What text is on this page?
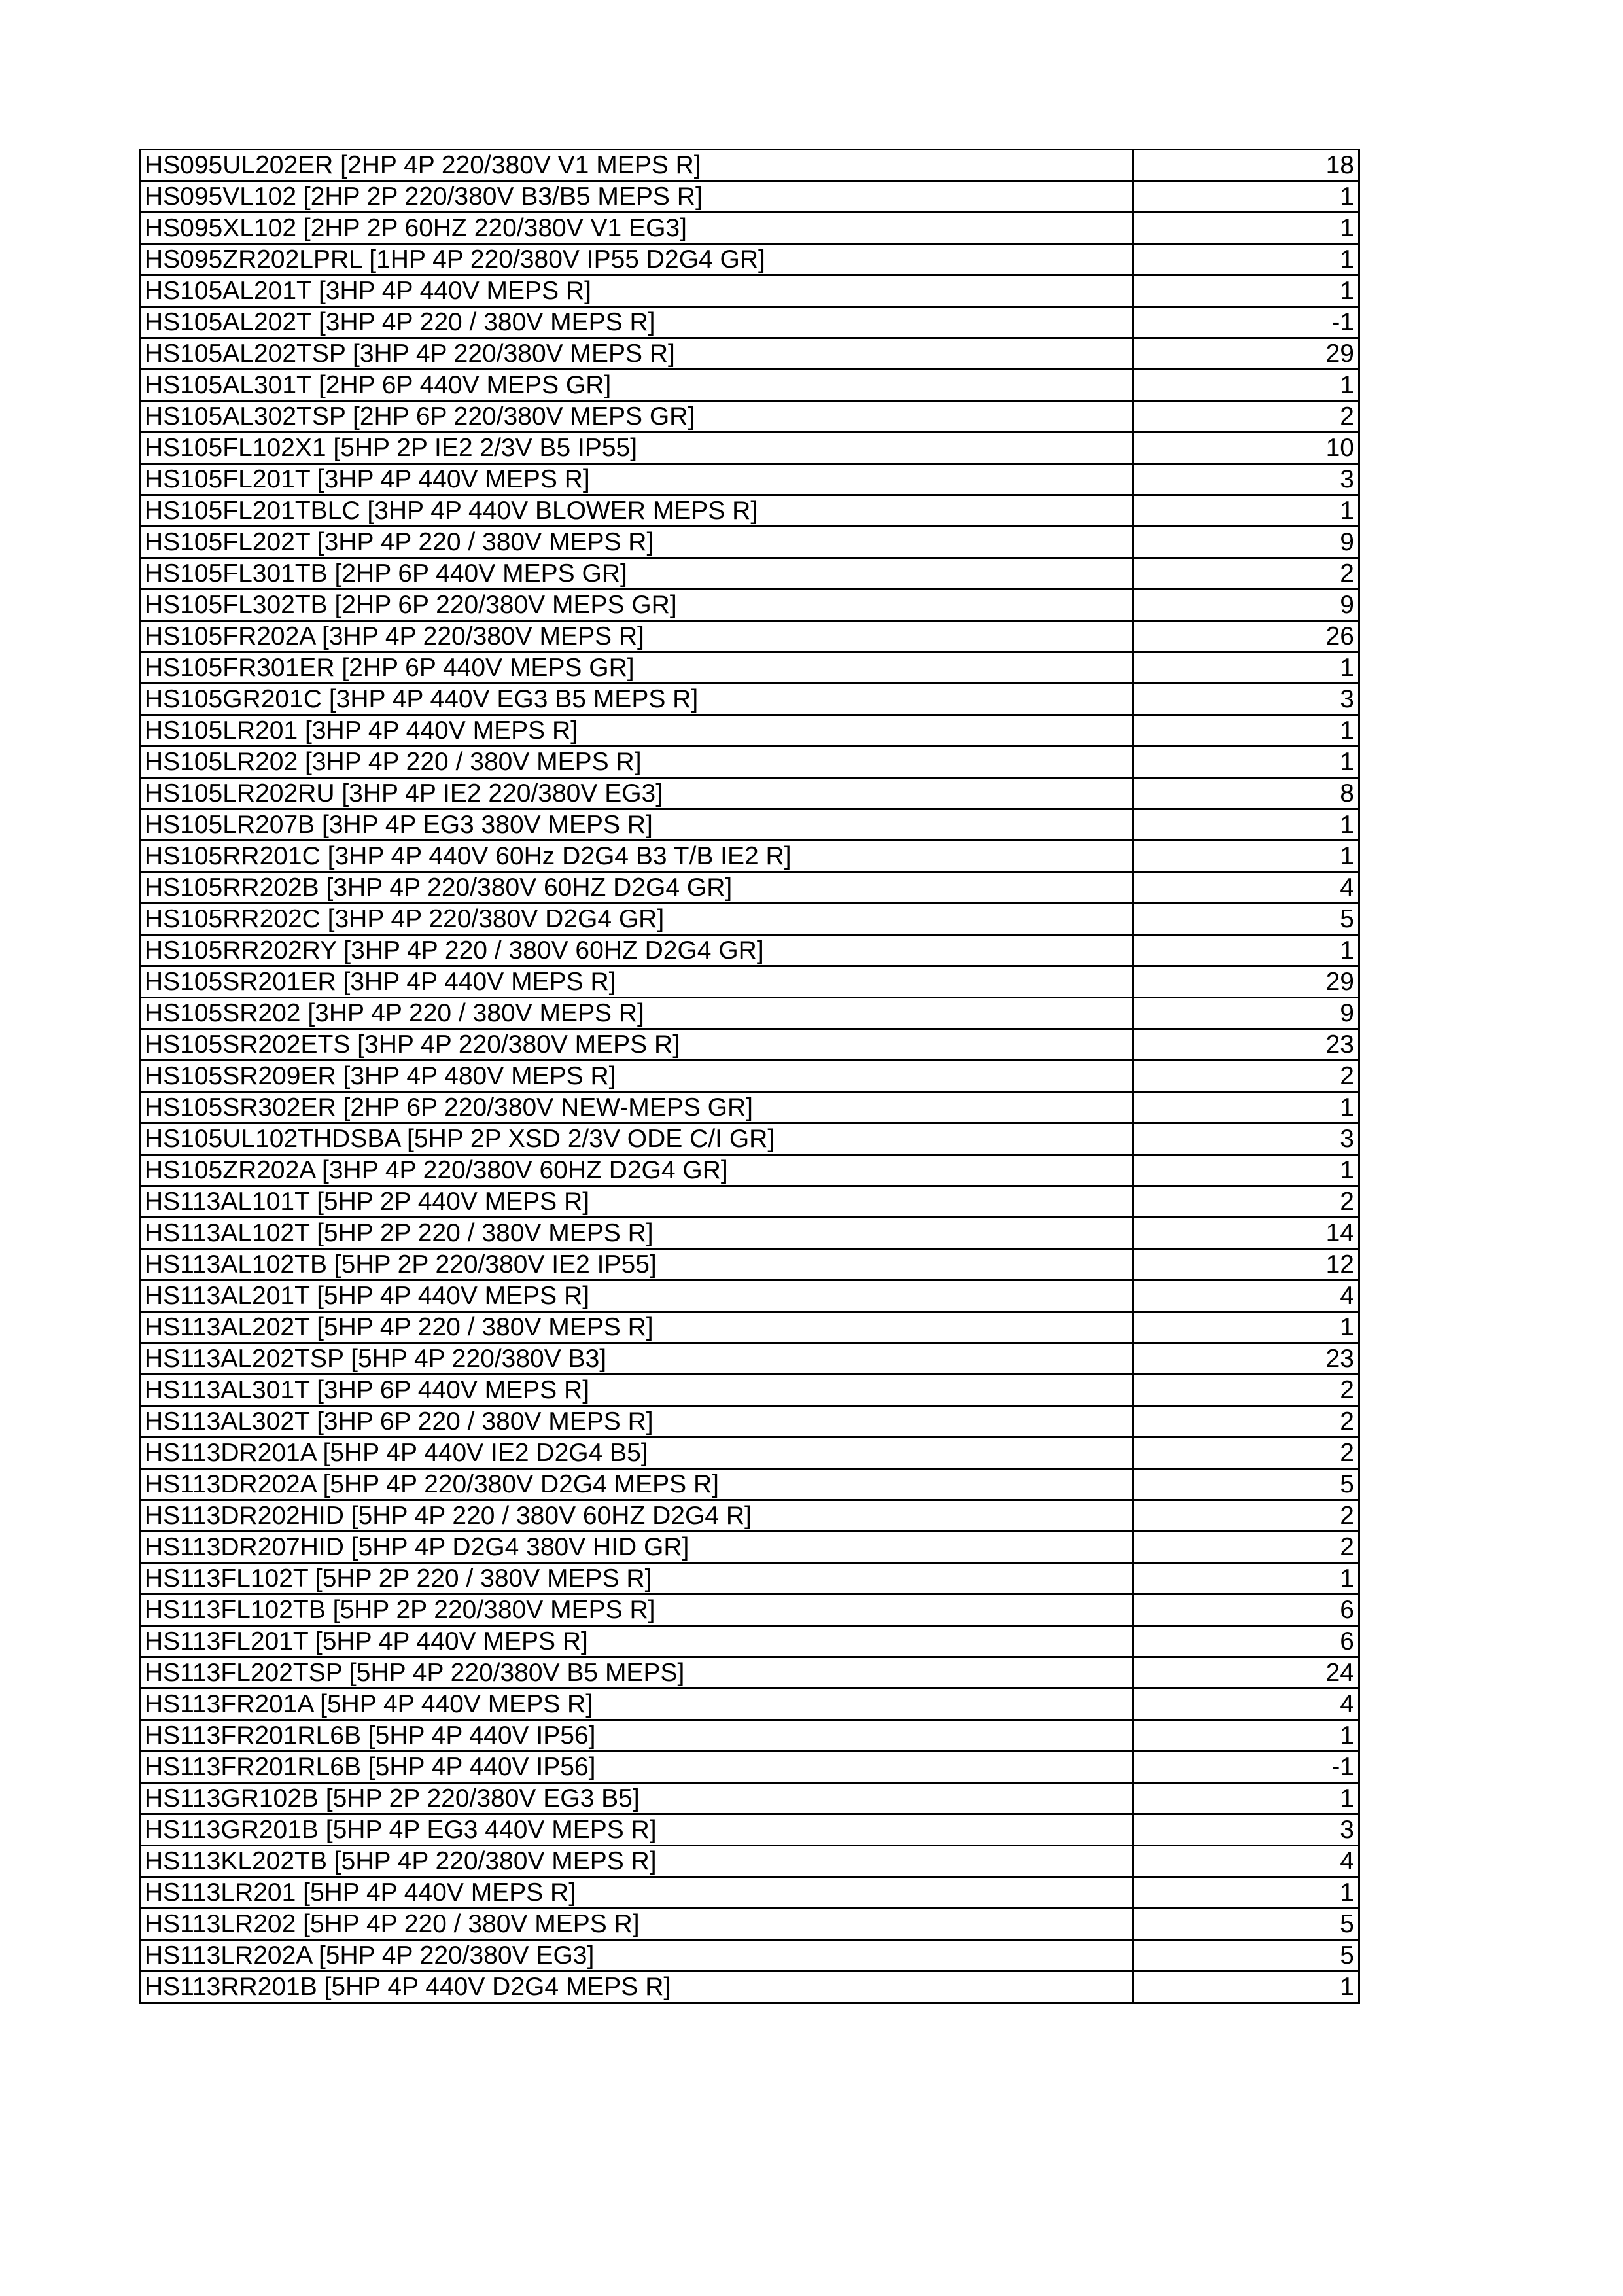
HS095UL202ER [2HP 4P 220/380V V1 MEPS R]	18
HS095VL102 [2HP 2P 220/380V B3/B5 MEPS R]	1
HS095XL102 [2HP 2P 60HZ 220/380V V1 EG3]	1
HS095ZR202LPRL [1HP 4P 220/380V IP55 D2G4 GR]	1
HS105AL201T [3HP 4P 440V MEPS R]	1
HS105AL202T [3HP 4P 220 / 380V MEPS R]	-1
HS105AL202TSP [3HP 4P 220/380V MEPS R]	29
HS105AL301T [2HP 6P 440V MEPS GR]	1
HS105AL302TSP [2HP 6P 220/380V MEPS GR]	2
HS105FL102X1 [5HP 2P IE2 2/3V B5 IP55]	10
HS105FL201T [3HP 4P 440V MEPS R]	3
HS105FL201TBLC [3HP 4P 440V BLOWER MEPS R]	1
HS105FL202T [3HP 4P 220 / 380V MEPS R]	9
HS105FL301TB [2HP 6P 440V MEPS GR]	2
HS105FL302TB [2HP 6P 220/380V MEPS GR]	9
HS105FR202A [3HP 4P 220/380V MEPS R]	26
HS105FR301ER [2HP 6P 440V MEPS GR]	1
HS105GR201C [3HP 4P 440V EG3 B5 MEPS R]	3
HS105LR201 [3HP 4P 440V MEPS R]	1
HS105LR202 [3HP 4P 220 / 380V MEPS R]	1
HS105LR202RU [3HP 4P IE2 220/380V EG3]	8
HS105LR207B [3HP 4P EG3 380V MEPS R]	1
HS105RR201C [3HP 4P 440V 60Hz D2G4 B3 T/B IE2 R]	1
HS105RR202B [3HP 4P 220/380V 60HZ D2G4 GR]	4
HS105RR202C [3HP 4P 220/380V D2G4 GR]	5
HS105RR202RY [3HP 4P 220 / 380V 60HZ D2G4 GR]	1
HS105SR201ER [3HP 4P 440V MEPS R]	29
HS105SR202 [3HP 4P 220 / 380V MEPS R]	9
HS105SR202ETS [3HP 4P 220/380V MEPS R]	23
HS105SR209ER [3HP 4P 480V MEPS R]	2
HS105SR302ER [2HP 6P 220/380V NEW-MEPS GR]	1
HS105UL102THDSBA [5HP 2P XSD 2/3V ODE C/I GR]	3
HS105ZR202A [3HP 4P 220/380V 60HZ D2G4 GR]	1
HS113AL101T [5HP 2P 440V MEPS R]	2
HS113AL102T [5HP 2P 220 / 380V MEPS R]	14
HS113AL102TB [5HP 2P 220/380V IE2 IP55]	12
HS113AL201T [5HP 4P 440V MEPS R]	4
HS113AL202T [5HP 4P 220 / 380V MEPS R]	1
HS113AL202TSP [5HP 4P 220/380V B3]	23
HS113AL301T [3HP 6P 440V MEPS R]	2
HS113AL302T [3HP 6P 220 / 380V MEPS R]	2
HS113DR201A [5HP 4P 440V IE2 D2G4 B5]	2
HS113DR202A [5HP 4P 220/380V D2G4 MEPS R]	5
HS113DR202HID [5HP 4P 220 / 380V 60HZ D2G4 R]	2
HS113DR207HID [5HP 4P D2G4 380V HID GR]	2
HS113FL102T [5HP 2P 220 / 380V MEPS R]	1
HS113FL102TB [5HP 2P 220/380V MEPS R]	6
HS113FL201T [5HP 4P 440V MEPS R]	6
HS113FL202TSP [5HP 4P 220/380V B5 MEPS]	24
HS113FR201A [5HP 4P 440V MEPS R]	4
HS113FR201RL6B [5HP 4P 440V IP56]	1
HS113FR201RL6B [5HP 4P 440V IP56]	-1
HS113GR102B [5HP 2P 220/380V EG3 B5]	1
HS113GR201B [5HP 4P EG3 440V MEPS R]	3
HS113KL202TB [5HP 4P 220/380V MEPS R]	4
HS113LR201 [5HP 4P 440V MEPS R]	1
HS113LR202 [5HP 4P 220 / 380V MEPS R]	5
HS113LR202A [5HP 4P 220/380V EG3]	5
HS113RR201B [5HP 4P 440V D2G4 MEPS R]	1
